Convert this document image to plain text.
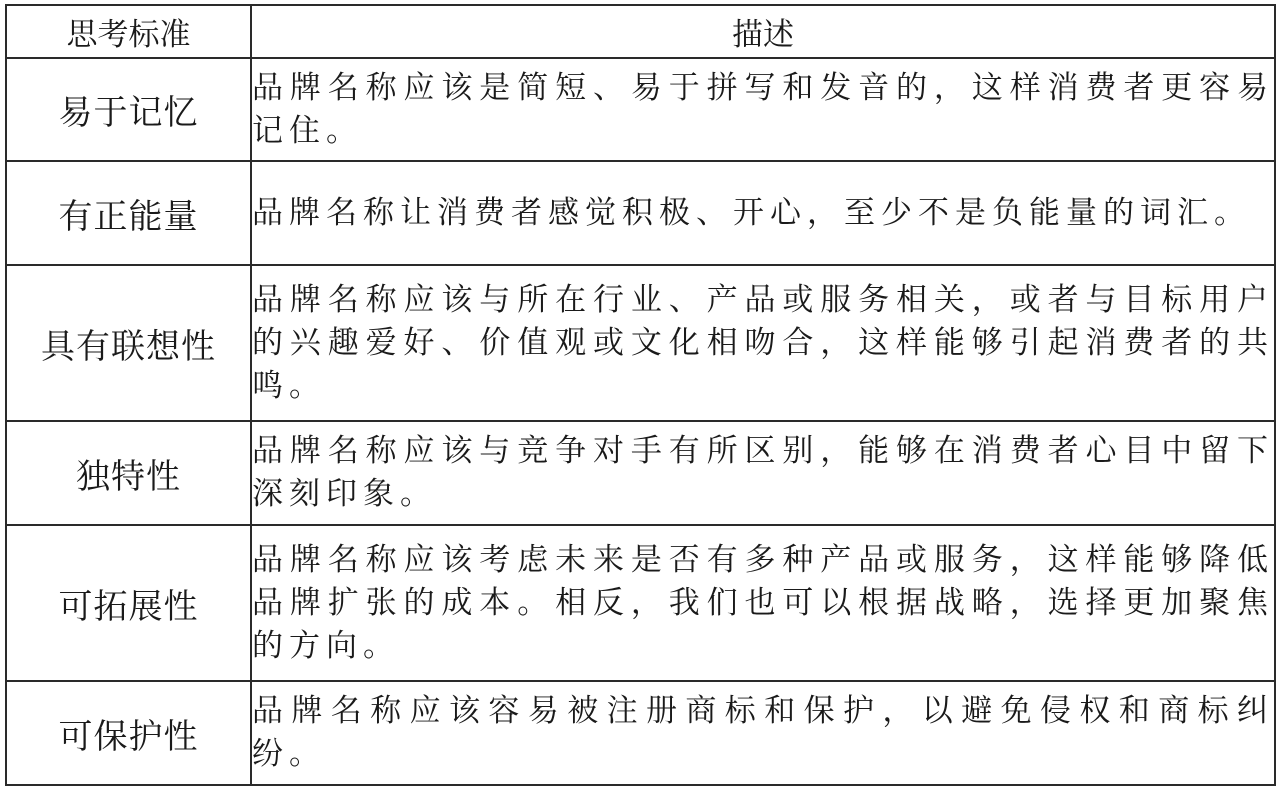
思考标准	描述
易于记忆	品牌名称应该是简短、易于拼写和发音的，这样消费者更容易记住。
有正能量	品牌名称让消费者感觉积极、开心，至少不是负能量的词汇。
具有联想性	品牌名称应该与所在行业、产品或服务相关，或者与目标用户的兴趣爱好、价值观或文化相吻合，这样能够引起消费者的共鸣。
独特性	品牌名称应该与竞争对手有所区别，能够在消费者心目中留下深刻印象。
可拓展性	品牌名称应该考虑未来是否有多种产品或服务，这样能够降低品牌扩张的成本。相反，我们也可以根据战略，选择更加聚焦的方向。
可保护性	品牌名称应该容易被注册商标和保护，以避免侵权和商标纠纷。
